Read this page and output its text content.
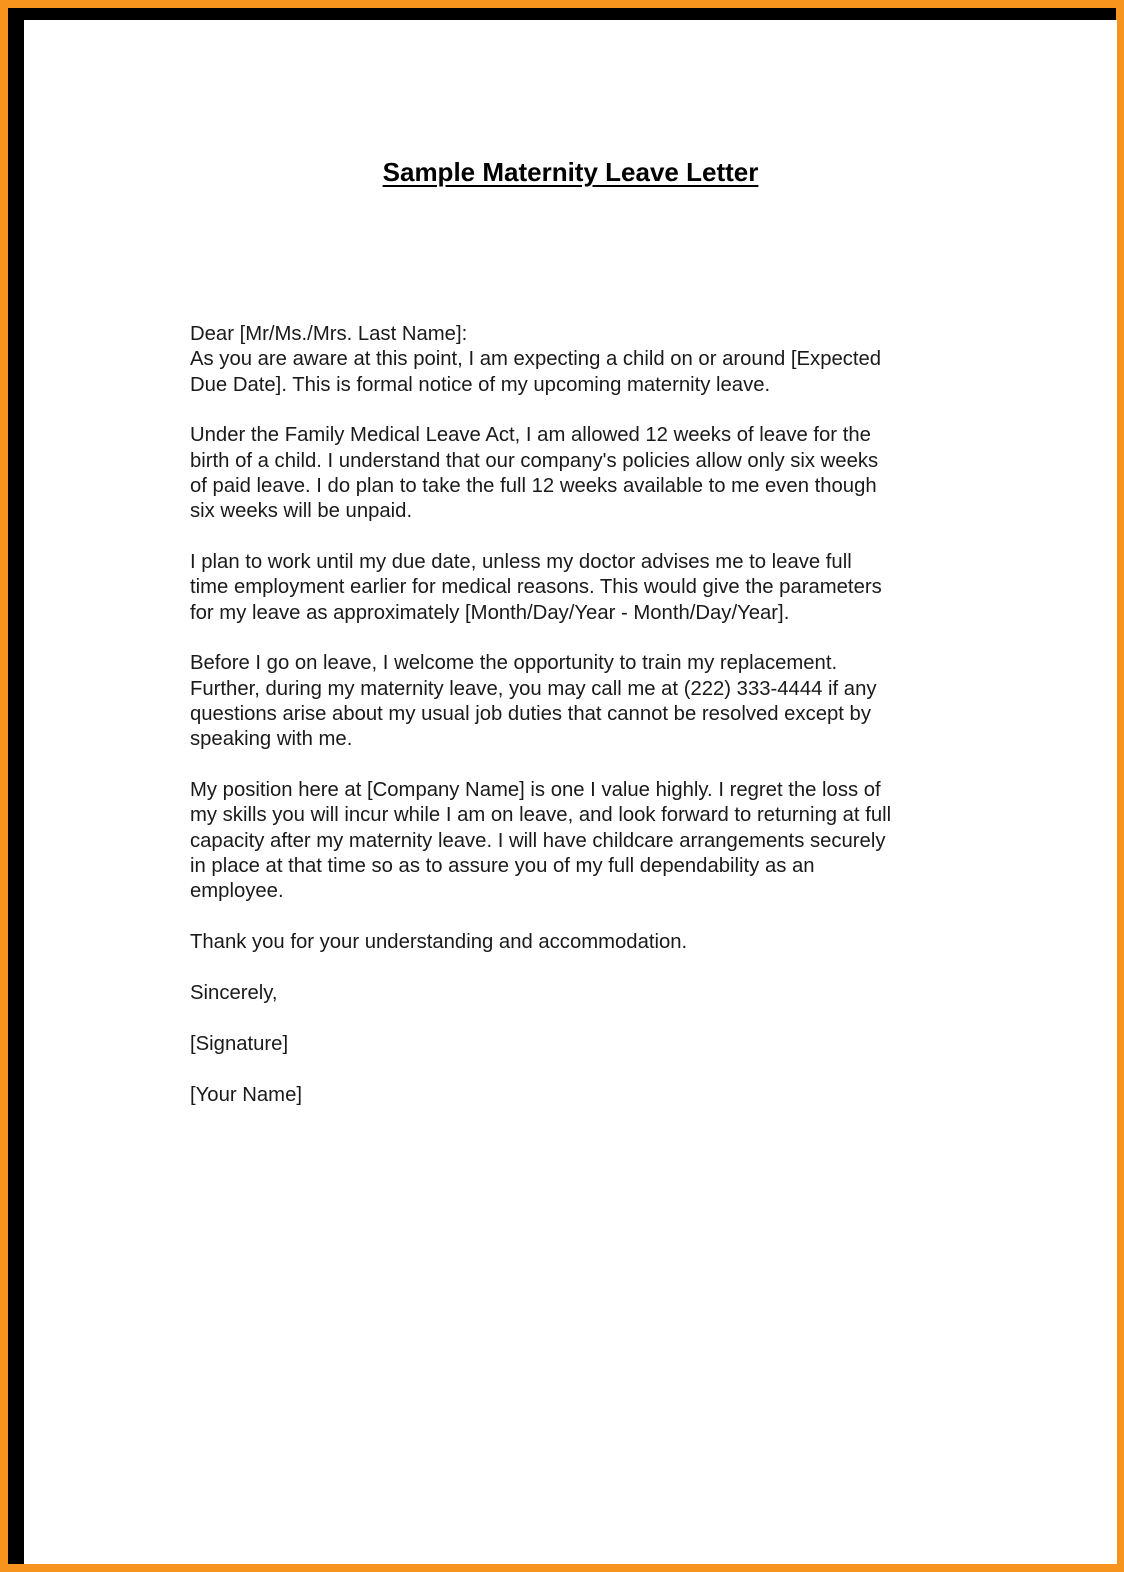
Sample Maternity Leave Letter

Dear [Mr/Ms./Mrs. Last Name]:

As you are aware at this point, I am expecting a child on or around [Expected
Due Date]. This is formal notice of my upcoming maternity leave.

Under the Family Medical Leave Act, I am allowed 12 weeks of leave for the
birth of a child. I understand that our company's policies allow only six weeks
of paid leave. I do plan to take the full 12 weeks available to me even though
six weeks will be unpaid.

I plan to work until my due date, unless my doctor advises me to leave full
time employment earlier for medical reasons. This would give the parameters
for my leave as approximately [Month/Day/Year - Month/Day/Year].

Before I go on leave, I welcome the opportunity to train my replacement.
Further, during my maternity leave, you may call me at (222) 333-4444 if any
questions arise about my usual job duties that cannot be resolved except by
speaking with me.

My position here at [Company Name] is one I value highly. I regret the loss of
my skills you will incur while I am on leave, and look forward to returning at full
capacity after my maternity leave. I will have childcare arrangements securely
in place at that time so as to assure you of my full dependability as an
employee.

Thank you for your understanding and accommodation.

Sincerely,

[Signature]

[Your Name]
